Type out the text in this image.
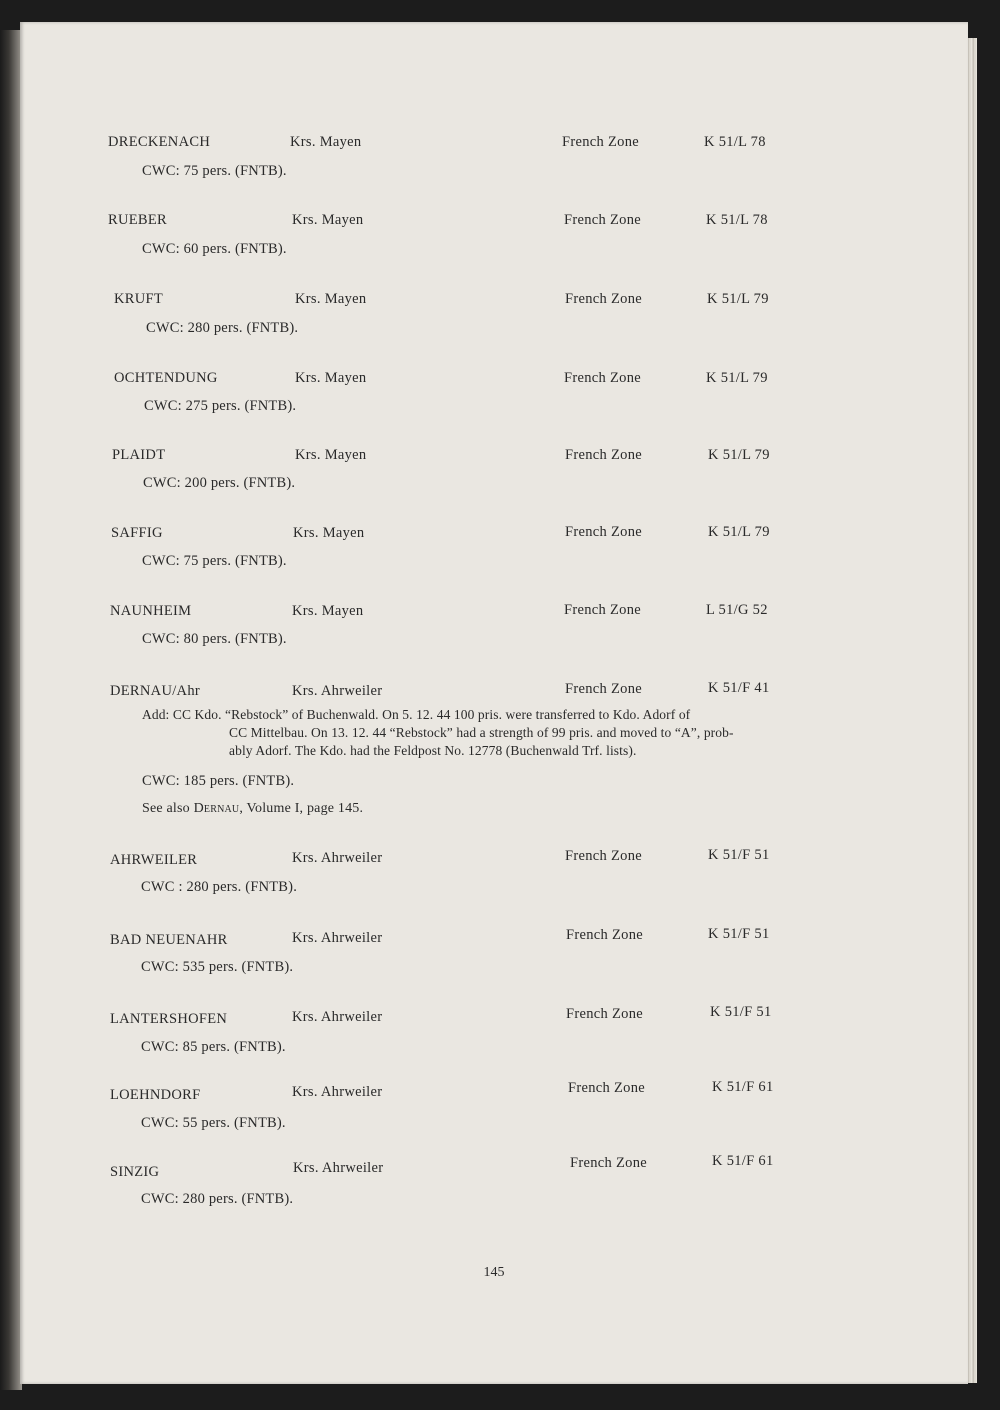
DRECKENACH	Krs. Mayen	French Zone	K 51/L 78
CWC: 75 pers. (FNTB).
RUEBER	Krs. Mayen	French Zone	K 51/L 78
CWC: 60 pers. (FNTB).
KRUFT	Krs. Mayen	French Zone	K 51/L 79
CWC: 280 pers. (FNTB).
OCHTENDUNG	Krs. Mayen	French Zone	K 51/L 79
CWC: 275 pers. (FNTB).
PLAIDT	Krs. Mayen	French Zone	K 51/L 79
CWC: 200 pers. (FNTB).
SAFFIG	Krs. Mayen	French Zone	K 51/L 79
CWC: 75 pers. (FNTB).
NAUNHEIM	Krs. Mayen	French Zone	L 51/G 52
CWC: 80 pers. (FNTB).
DERNAU/Ahr	Krs. Ahrweiler	French Zone	K 51/F 41

Add: CC Kdo. “Rebstock” of Buchenwald. On 5. 12. 44 100 pris. were transferred to Kdo. Adorf of

CC Mittelbau. On 13. 12. 44 “Rebstock” had a strength of 99 pris. and moved to “A”, prob-

ably Adorf. The Kdo. had the Feldpost No. 12778 (Buchenwald Trf. lists).

CWC: 185 pers. (FNTB).
See also Dernau, Volume I, page 145.
AHRWEILER	Krs. Ahrweiler	French Zone	K 51/F 51
CWC : 280 pers. (FNTB).
BAD NEUENAHR	Krs. Ahrweiler	French Zone	K 51/F 51
CWC: 535 pers. (FNTB).
LANTERSHOFEN	Krs. Ahrweiler	French Zone	K 51/F 51
CWC: 85 pers. (FNTB).
LOEHNDORF	Krs. Ahrweiler	French Zone	K 51/F 61
CWC: 55 pers. (FNTB).
SINZIG	Krs. Ahrweiler	French Zone	K 51/F 61
CWC: 280 pers. (FNTB).
145
